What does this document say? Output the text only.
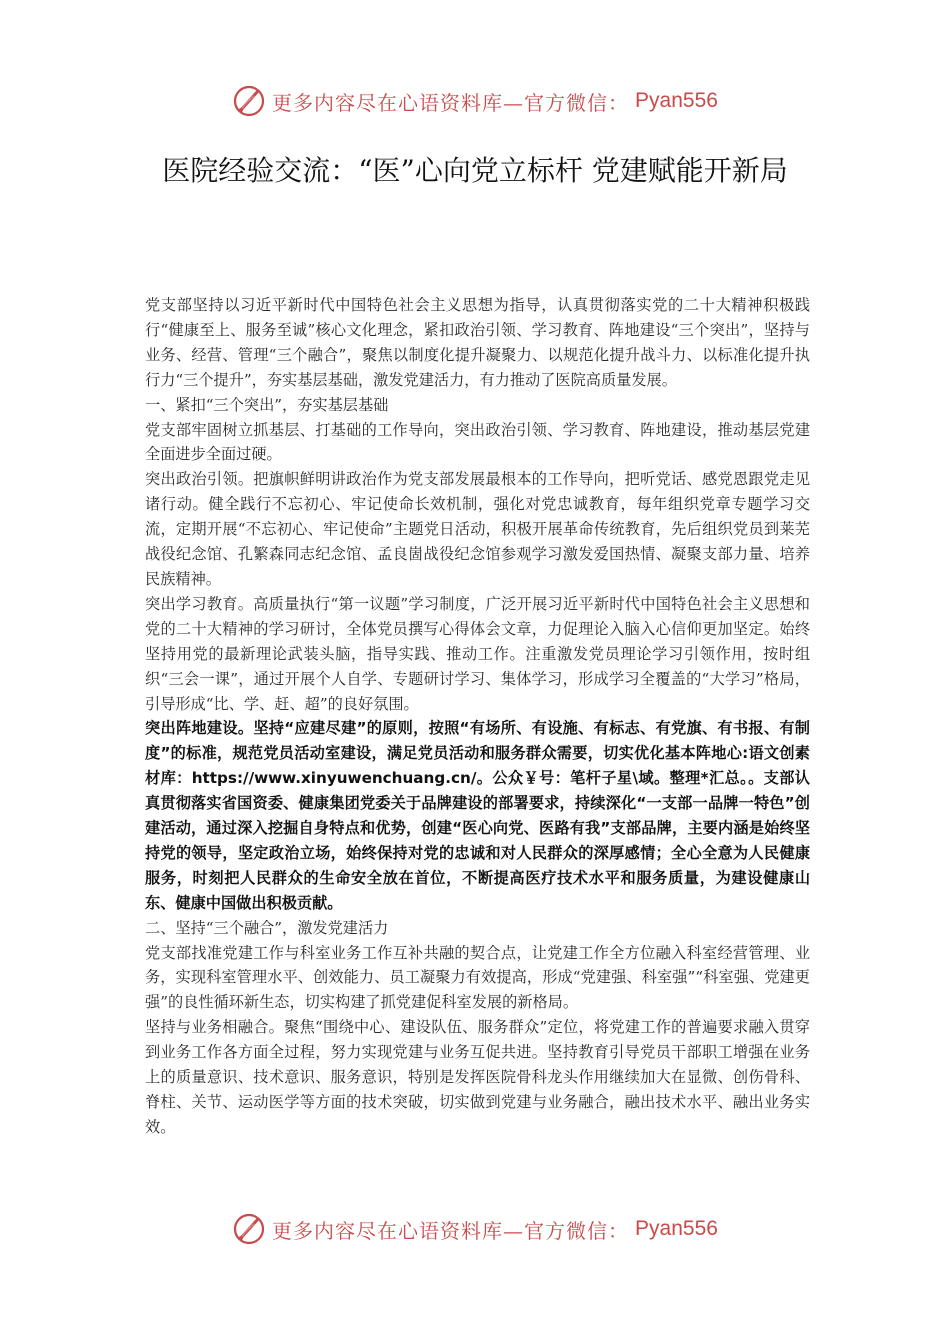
更多内容尽在心语资料库—官方微信： Pyan556
医院经验交流：“医”心向党立标杆 党建赋能开新局

党支部坚持以习近平新时代中国特色社会主义思想为指导，认真贯彻落实党的二十大精神积极践行“健康至上、服务至诚”核心文化理念，紧扣政治引领、学习教育、阵地建设“三个突出”，坚持与业务、经营、管理“三个融合”，聚焦以制度化提升凝聚力、以规范化提升战斗力、以标准化提升执行力“三个提升”，夯实基层基础，激发党建活力，有力推动了医院高质量发展。

一、紧扣“三个突出”，夯实基层基础

党支部牢固树立抓基层、打基础的工作导向，突出政治引领、学习教育、阵地建设，推动基层党建全面进步全面过硬。

突出政治引领。把旗帜鲜明讲政治作为党支部发展最根本的工作导向，把听党话、感党恩跟党走见诸行动。健全践行不忘初心、牢记使命长效机制，强化对党忠诚教育，每年组织党章专题学习交流，定期开展“不忘初心、牢记使命”主题党日活动，积极开展革命传统教育，先后组织党员到莱芜战役纪念馆、孔繁森同志纪念馆、孟良崮战役纪念馆参观学习激发爱国热情、凝聚支部力量、培养民族精神。

突出学习教育。高质量执行“第一议题”学习制度，广泛开展习近平新时代中国特色社会主义思想和党的二十大精神的学习研讨，全体党员撰写心得体会文章，力促理论入脑入心信仰更加坚定。始终坚持用党的最新理论武装头脑，指导实践、推动工作。注重激发党员理论学习引领作用，按时组织“三会一课”，通过开展个人自学、专题研讨学习、集体学习，形成学习全覆盖的“大学习”格局，引导形成“比、学、赶、超”的良好氛围。

突出阵地建设。坚持“应建尽建”的原则，按照“有场所、有设施、有标志、有党旗、有书报、有制度”的标准，规范党员活动室建设，满足党员活动和服务群众需要，切实优化基本阵地心:语文创素材库：https://www.xinyuwenchuang.cn/。公众￥号：笔杆子星\域。整理*汇总。。支部认真贯彻落实省国资委、健康集团党委关于品牌建设的部署要求，持续深化“一支部一品牌一特色”创建活动，通过深入挖掘自身特点和优势，创建“医心向党、医路有我”支部品牌，主要内涵是始终坚持党的领导，坚定政治立场，始终保持对党的忠诚和对人民群众的深厚感情；全心全意为人民健康服务，时刻把人民群众的生命安全放在首位，不断提高医疗技术水平和服务质量，为建设健康山东、健康中国做出积极贡献。

二、坚持“三个融合”，激发党建活力

党支部找准党建工作与科室业务工作互补共融的契合点，让党建工作全方位融入科室经营管理、业务，实现科室管理水平、创效能力、员工凝聚力有效提高，形成“党建强、科室强”“科室强、党建更强”的良性循环新生态，切实构建了抓党建促科室发展的新格局。

坚持与业务相融合。聚焦“围绕中心、建设队伍、服务群众”定位，将党建工作的普遍要求融入贯穿到业务工作各方面全过程，努力实现党建与业务互促共进。坚持教育引导党员干部职工增强在业务上的质量意识、技术意识、服务意识，特别是发挥医院骨科龙头作用继续加大在显微、创伤骨科、脊柱、关节、运动医学等方面的技术突破，切实做到党建与业务融合，融出技术水平、融出业务实效。

更多内容尽在心语资料库—官方微信： Pyan556
